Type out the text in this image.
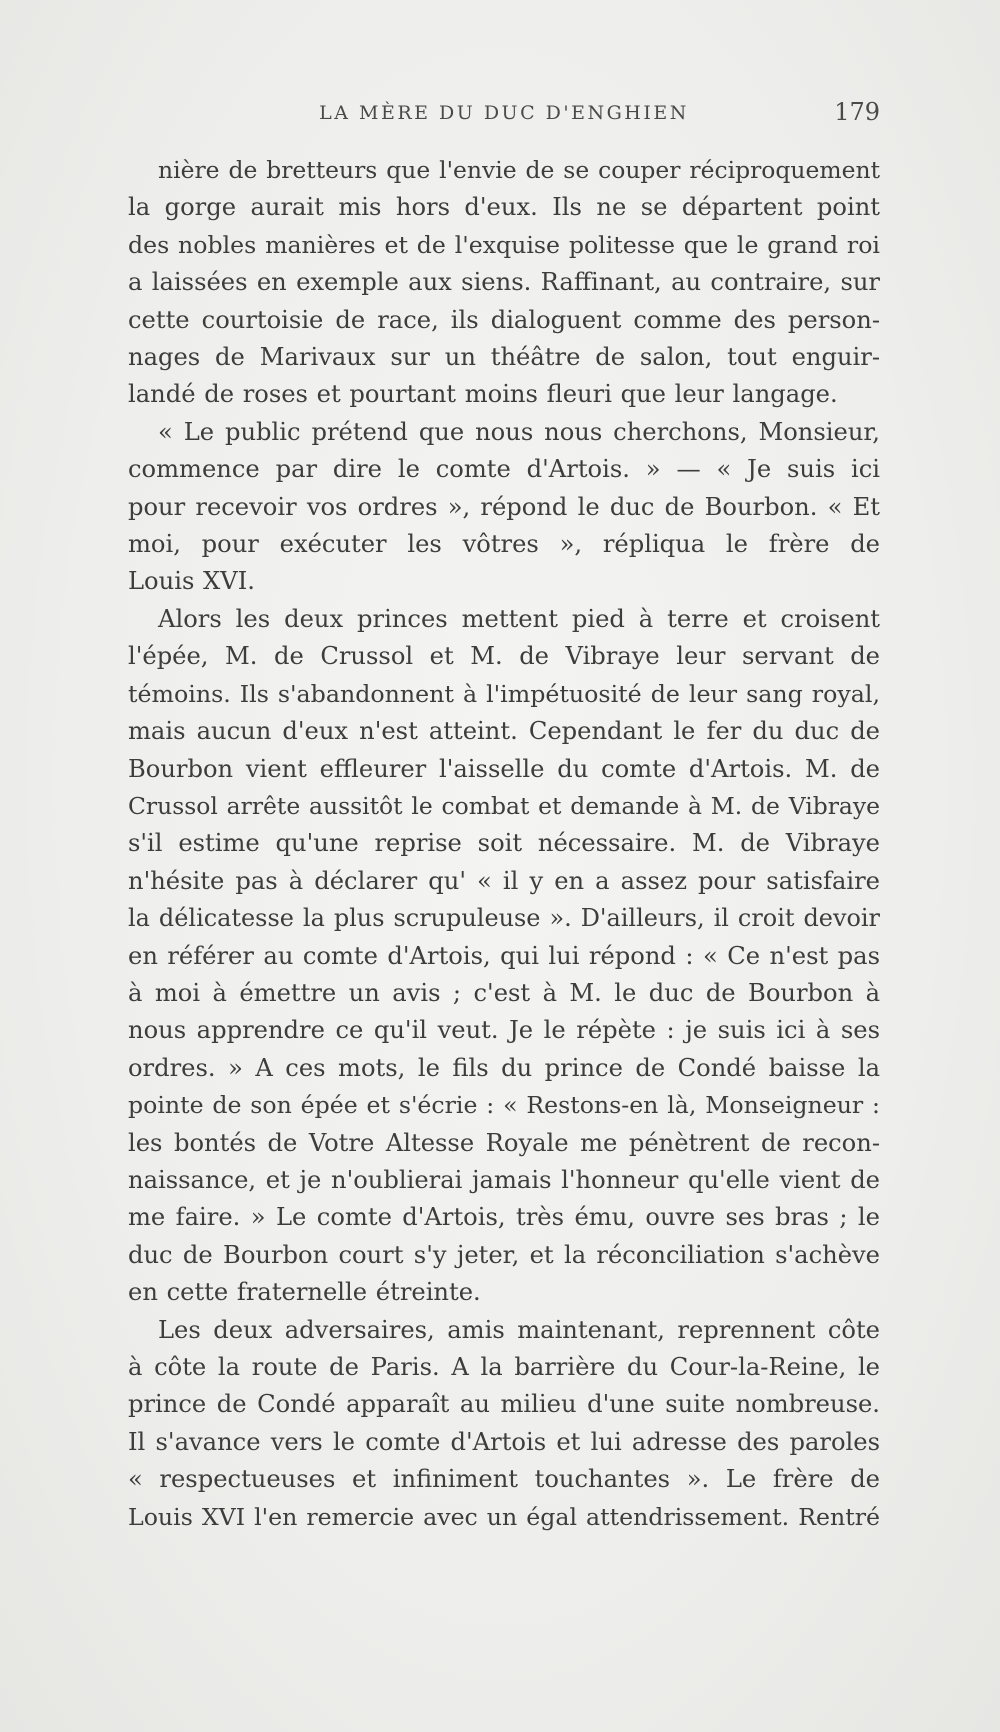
LA MÈRE DU DUC D'ENGHIEN	179

nière de bretteurs que l'envie de se couper réciproquement
la gorge aurait mis hors d'eux. Ils ne se départent point
des nobles manières et de l'exquise politesse que le grand roi
a laissées en exemple aux siens. Raffinant, au contraire, sur
cette courtoisie de race, ils dialoguent comme des person-
nages de Marivaux sur un théâtre de salon, tout enguir-
landé de roses et pourtant moins fleuri que leur langage.

« Le public prétend que nous nous cherchons, Monsieur,
commence par dire le comte d'Artois. » — « Je suis ici
pour recevoir vos ordres », répond le duc de Bourbon. « Et
moi, pour exécuter les vôtres », répliqua le frère de
Louis XVI.

Alors les deux princes mettent pied à terre et croisent
l'épée, M. de Crussol et M. de Vibraye leur servant de
témoins. Ils s'abandonnent à l'impétuosité de leur sang royal,
mais aucun d'eux n'est atteint. Cependant le fer du duc de
Bourbon vient effleurer l'aisselle du comte d'Artois. M. de
Crussol arrête aussitôt le combat et demande à M. de Vibraye
s'il estime qu'une reprise soit nécessaire. M. de Vibraye
n'hésite pas à déclarer qu' « il y en a assez pour satisfaire
la délicatesse la plus scrupuleuse ». D'ailleurs, il croit devoir
en référer au comte d'Artois, qui lui répond : « Ce n'est pas
à moi à émettre un avis ; c'est à M. le duc de Bourbon à
nous apprendre ce qu'il veut. Je le répète : je suis ici à ses
ordres. » A ces mots, le fils du prince de Condé baisse la
pointe de son épée et s'écrie : « Restons-en là, Monseigneur :
les bontés de Votre Altesse Royale me pénètrent de recon-
naissance, et je n'oublierai jamais l'honneur qu'elle vient de
me faire. » Le comte d'Artois, très ému, ouvre ses bras ; le
duc de Bourbon court s'y jeter, et la réconciliation s'achève
en cette fraternelle étreinte.

Les deux adversaires, amis maintenant, reprennent côte
à côte la route de Paris. A la barrière du Cour-la-Reine, le
prince de Condé apparaît au milieu d'une suite nombreuse.
Il s'avance vers le comte d'Artois et lui adresse des paroles
« respectueuses et infiniment touchantes ». Le frère de
Louis XVI l'en remercie avec un égal attendrissement. Rentré
